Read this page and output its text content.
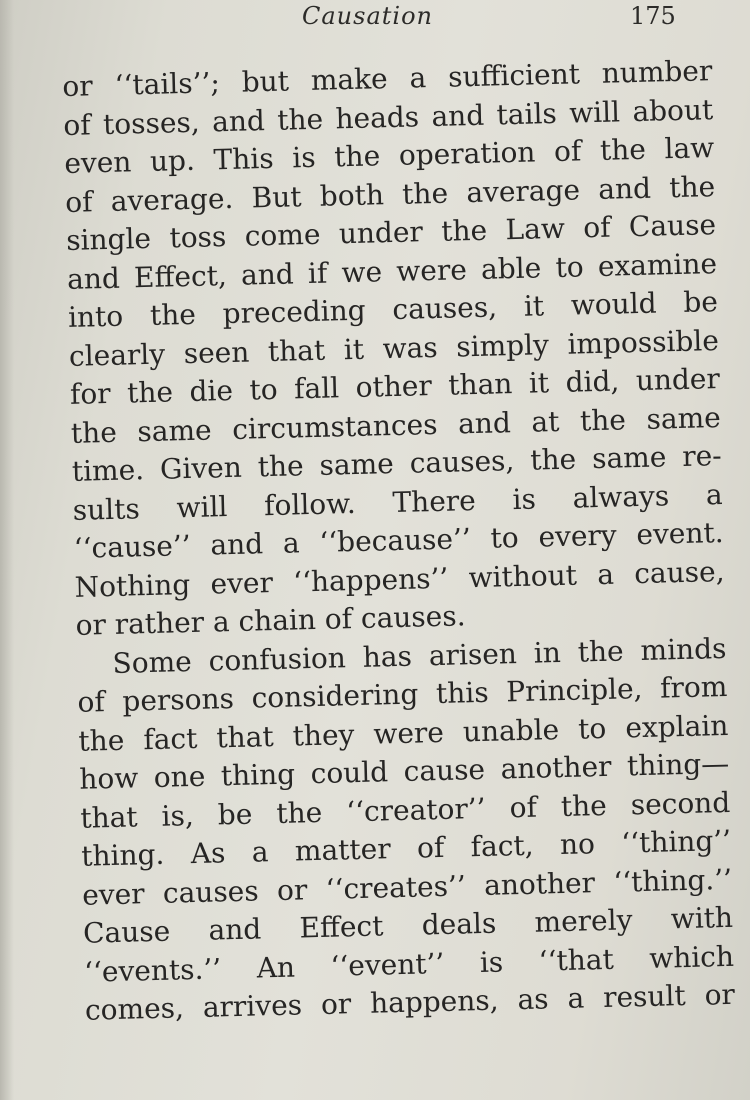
Causation	175
or ‘‘tails’’; but make a sufficient number
of tosses, and the heads and tails will about
even up. This is the operation of the law
of average. But both the average and the
single toss come under the Law of Cause
and Effect, and if we were able to examine
into the preceding causes, it would be
clearly seen that it was simply impossible
for the die to fall other than it did, under
the same circumstances and at the same
time. Given the same causes, the same re-
sults will follow. There is always a
‘‘cause’’ and a ‘‘because’’ to every event.
Nothing ever ‘‘happens’’ without a cause,
or rather a chain of causes.
Some confusion has arisen in the minds
of persons considering this Principle, from
the fact that they were unable to explain
how one thing could cause another thing—
that is, be the ‘‘creator’’ of the second
thing. As a matter of fact, no ‘‘thing’’
ever causes or ‘‘creates’’ another ‘‘thing.’’
Cause and Effect deals merely with
‘‘events.’’ An ‘‘event’’ is ‘‘that which
comes, arrives or happens, as a result or
